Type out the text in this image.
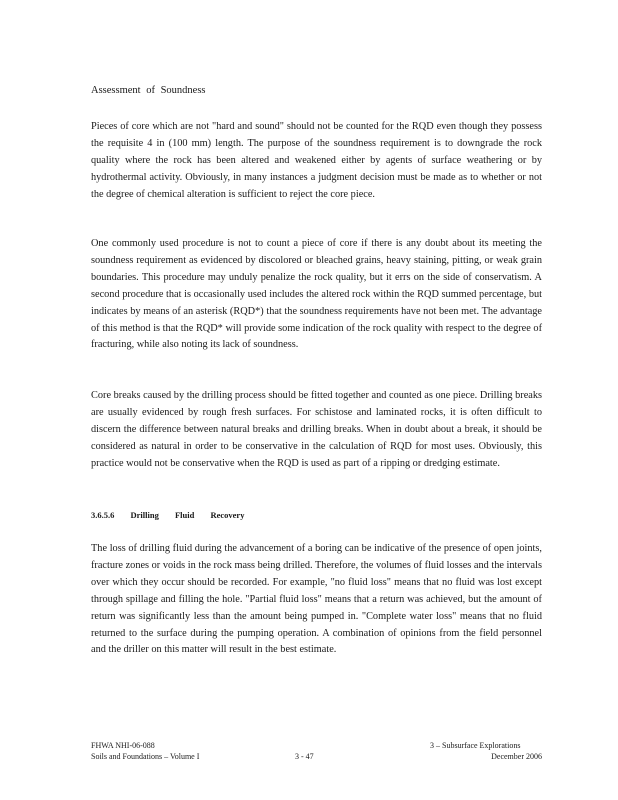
Assessment of Soundness

Pieces of core which are not "hard and sound" should not be counted for the RQD even though they possess the requisite 4 in (100 mm) length. The purpose of the soundness requirement is to downgrade the rock quality where the rock has been altered and weakened either by agents of surface weathering or by hydrothermal activity. Obviously, in many instances a judgment decision must be made as to whether or not the degree of chemical alteration is sufficient to reject the core piece.

One commonly used procedure is not to count a piece of core if there is any doubt about its meeting the soundness requirement as evidenced by discolored or bleached grains, heavy staining, pitting, or weak grain boundaries. This procedure may unduly penalize the rock quality, but it errs on the side of conservatism. A second procedure that is occasionally used includes the altered rock within the RQD summed percentage, but indicates by means of an asterisk (RQD*) that the soundness requirements have not been met. The advantage of this method is that the RQD* will provide some indication of the rock quality with respect to the degree of fracturing, while also noting its lack of soundness.

Core breaks caused by the drilling process should be fitted together and counted as one piece. Drilling breaks are usually evidenced by rough fresh surfaces. For schistose and laminated rocks, it is often difficult to discern the difference between natural breaks and drilling breaks. When in doubt about a break, it should be considered as natural in order to be conservative in the calculation of RQD for most uses. Obviously, this practice would not be conservative when the RQD is used as part of a ripping or dredging estimate.

3.6.5.6 Drilling Fluid Recovery

The loss of drilling fluid during the advancement of a boring can be indicative of the presence of open joints, fracture zones or voids in the rock mass being drilled. Therefore, the volumes of fluid losses and the intervals over which they occur should be recorded. For example, "no fluid loss" means that no fluid was lost except through spillage and filling the hole. "Partial fluid loss" means that a return was achieved, but the amount of return was significantly less than the amount being pumped in. "Complete water loss" means that no fluid returned to the surface during the pumping operation. A combination of opinions from the field personnel and the driller on this matter will result in the best estimate.

FHWA NHI-06-088
Soils and Foundations – Volume I	3 - 47
3 – Subsurface Explorations
December 2006
